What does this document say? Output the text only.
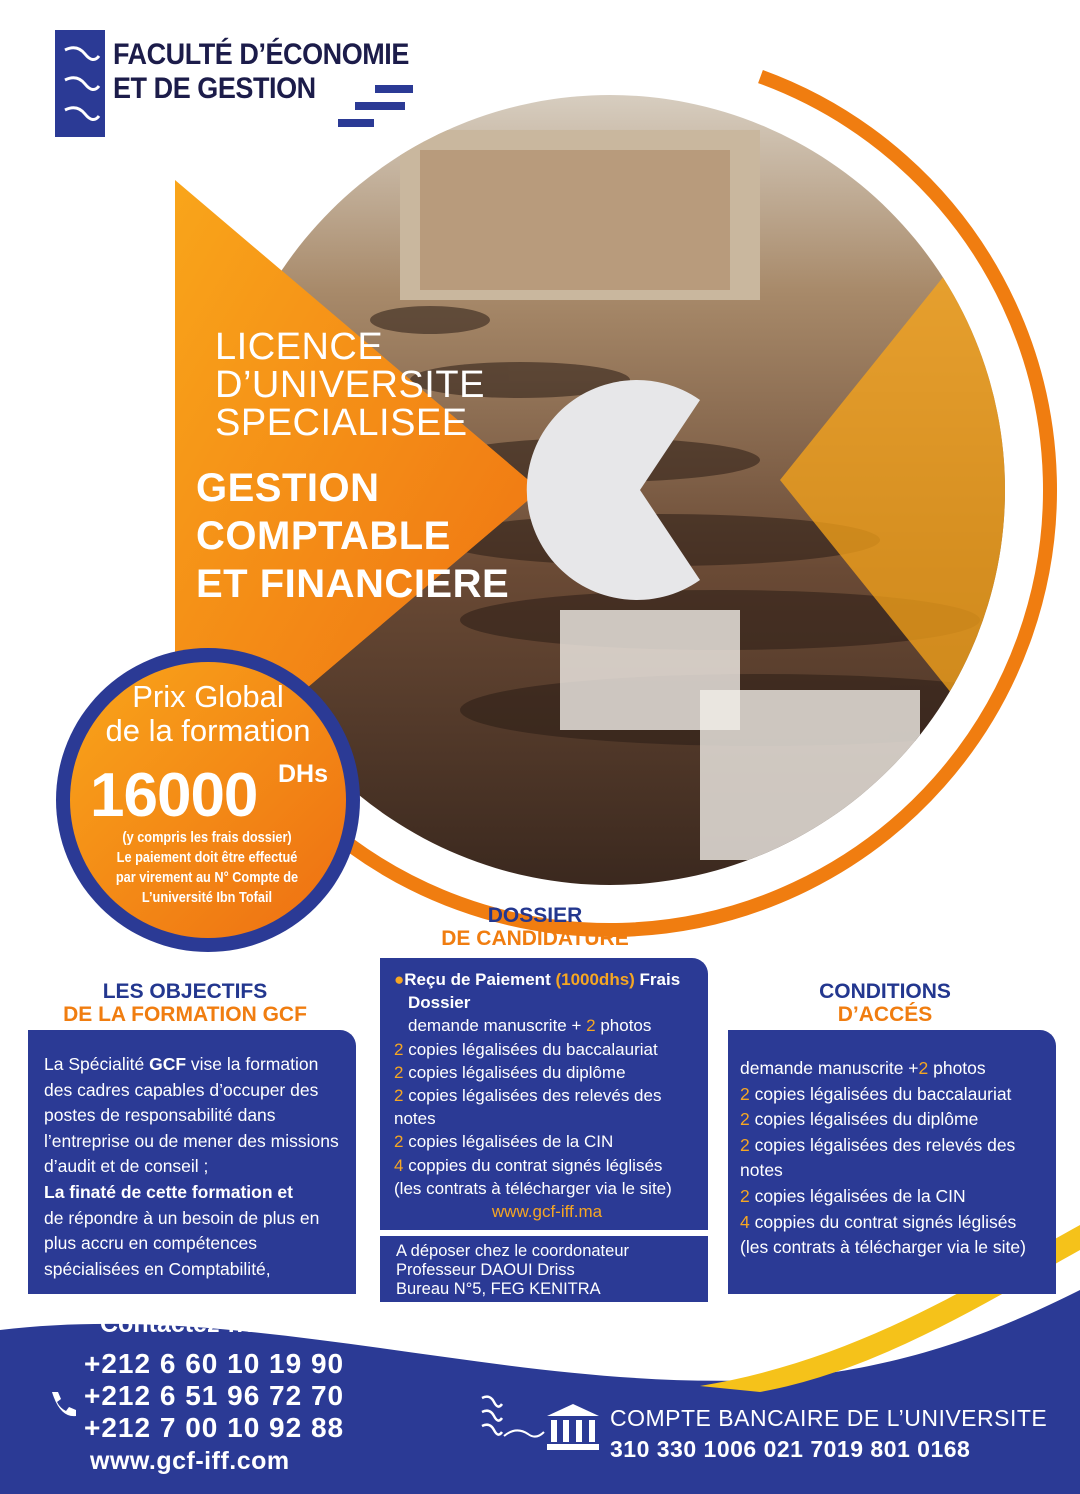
FACULTÉ D’ÉCONOMIE
ET DE GESTION
LICENCE
D’UNIVERSITE
SPECIALISEE
GESTION
COMPTABLE
ET FINANCIERE
Prix Global
de la formation
16000 DHs
(y compris les frais dossier)
Le paiement doit être effectué
par virement au N° Compte de
L’université Ibn Tofail
DOSSIER
DE CANDIDATURE
LES OBJECTIFS
DE LA FORMATION GCF
CONDITIONS
D’ACCÉS
La Spécialité GCF vise la formation des cadres capables d’occuper des postes de responsabilité dans l’entreprise ou de mener des missions d’audit et de conseil ;
La finaté de cette formation et
de répondre à un besoin de plus en plus accru en compétences spécialisées en Comptabilité,
●Reçu de Paiement (1000dhs) Frais
Dossier
demande manuscrite + 2 photos
2 copies légalisées du baccalauriat
2 copies légalisées du diplôme
2 copies légalisées des relevés des notes
2 copies légalisées de la CIN
4 coppies du contrat signés léglisés
(les contrats à télécharger via le site)
www.gcf-iff.ma
A déposer chez le coordonateur
Professeur DAOUI Driss
Bureau N°5, FEG KENITRA
demande manuscrite +2 photos
2 copies légalisées du baccalauriat
2 copies légalisées du diplôme
2 copies légalisées des relevés des notes
2 copies légalisées de la CIN
4 coppies du contrat signés léglisés
(les contrats à télécharger via le site)
Contactez-nous
+212 6 60 10 19 90
+212 6 51 96 72 70
+212 7 00 10 92 88
www.gcf-iff.com
COMPTE BANCAIRE DE L’UNIVERSITE
310 330 1006 021 7019 801 0168
